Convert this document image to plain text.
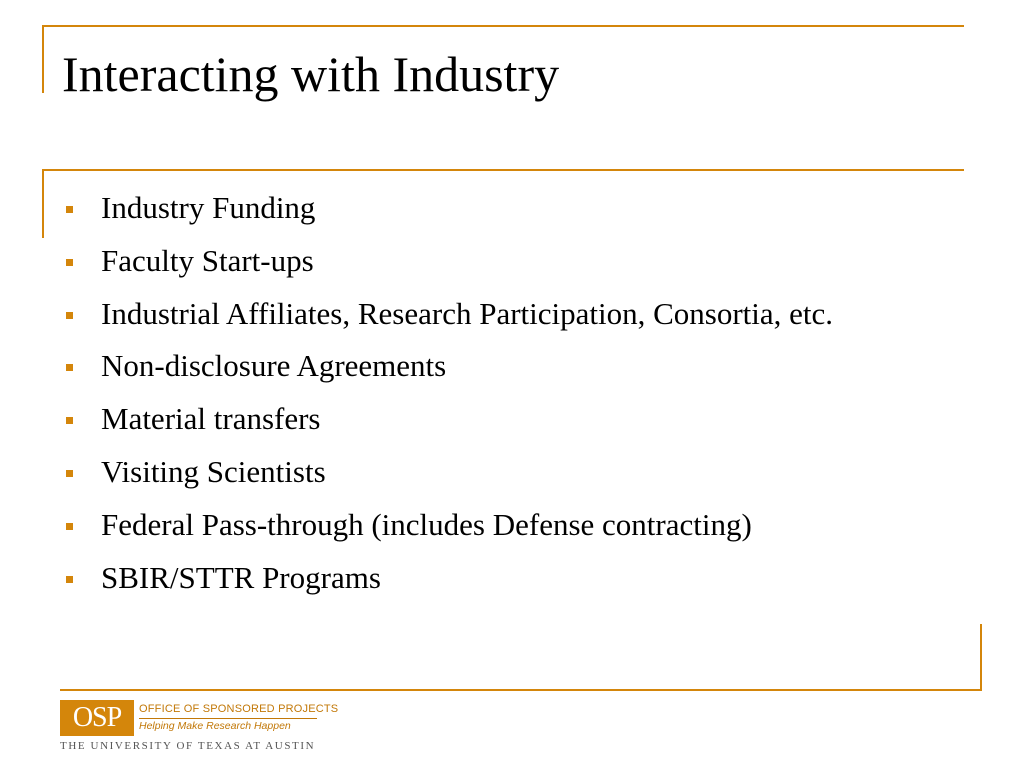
Interacting with Industry
Industry Funding
Faculty Start-ups
Industrial Affiliates, Research Participation, Consortia, etc.
Non-disclosure Agreements
Material transfers
Visiting Scientists
Federal Pass-through (includes Defense contracting)
SBIR/STTR Programs
OSP	OFFICE OF SPONSORED PROJECTS
Helping Make Research Happen
THE UNIVERSITY OF TEXAS AT AUSTIN
